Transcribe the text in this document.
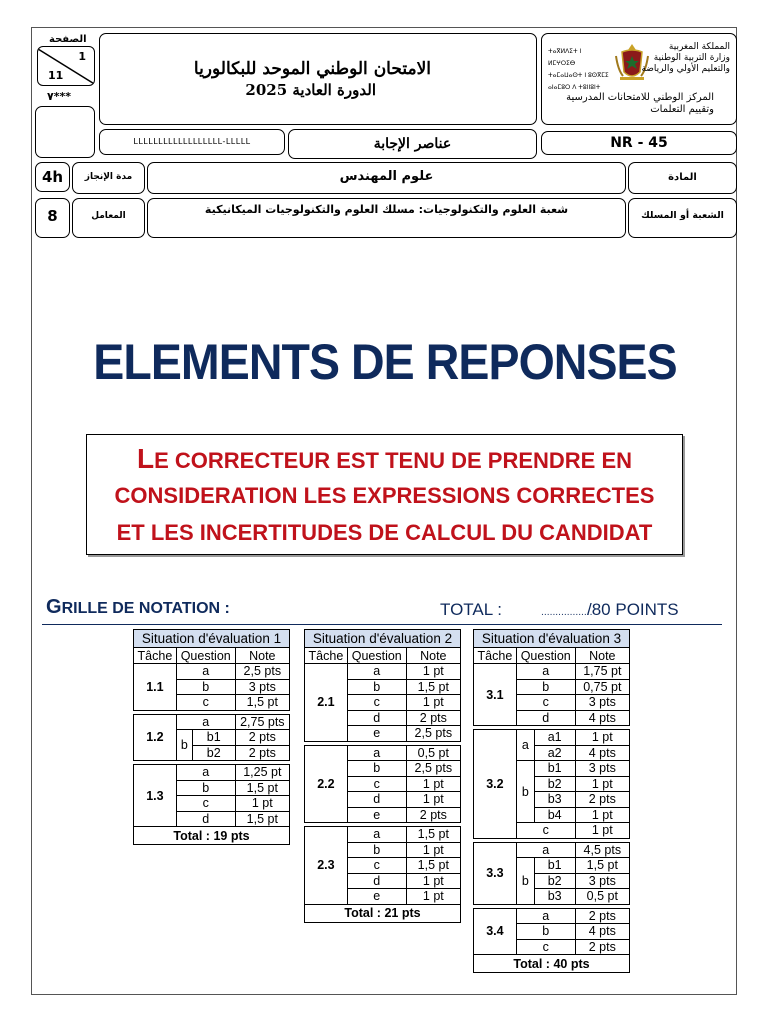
الصفحة
1
11
٧***
الامتحان الوطني الموحد للبكالوريا
الدورة العادية 2025
ⵜⴰⴳⵍⴷⵉⵜ ⵏ ⵍⵎⵖⵔⵉⴱ
ⵜⴰⵎⴰⵡⴰⵙⵜ ⵏ ⵓⵙⴳⵎⵉ
ⴰⵏⴰⵎⵓⵔ ⴷ ⵜⵓⵏⵏⵓⵏⵜ
المملكة المغربية
وزارة التربية الوطنية
والتعليم الأولي والرياضة
المركز الوطني للامتحانات المدرسية
وتقييم التعلمات
LLLLLLLLLLLLLLLLLL-LLLLL	عناصر الإجابة	NR - 45
4h	مدة الإنجاز	علوم المهندس	المادة
8	المعامل	شعبة العلوم والتكنولوجيات: مسلك العلوم والتكنولوجيات الميكانيكية	الشعبة أو المسلك
ELEMENTS DE REPONSES
LE CORRECTEUR EST TENU DE PRENDRE EN
CONSIDERATION LES EXPRESSIONS CORRECTES
ET LES INCERTITUDES DE CALCUL DU CANDIDAT
GRILLE DE NOTATION :	TOTAL :	..................
/80 POINTS
Situation d'évaluation 1			
Tâche	Question		Note
1.1	a		2,5 pts
	b		3 pts
	c		1,5 pt

1.2	a		2,75 pts
	b	b1	2 pts
		b2	2 pts

1.3	a		1,25 pt
	b		1,5 pt
	c		1 pt
	d		1,5 pt
Total : 19 pts			
Situation d'évaluation 2		
Tâche	Question	Note
2.1	a	1 pt
	b	1,5 pt
	c	1 pt
	d	2 pts
	e	2,5 pts

2.2	a	0,5 pt
	b	2,5 pts
	c	1 pt
	d	1 pt
	e	2 pts

2.3	a	1,5 pt
	b	1 pt
	c	1,5 pt
	d	1 pt
	e	1 pt
Total : 21 pts		
Situation d'évaluation 3			
Tâche	Question		Note
3.1	a		1,75 pt
	b		0,75 pt
	c		3 pts
	d		4 pts

3.2	a	a1	1 pt
		a2	4 pts
	b	b1	3 pts
		b2	1 pt
		b3	2 pts
		b4	1 pt
	c		1 pt

3.3	a		4,5 pts
	b	b1	1,5 pt
		b2	3 pts
		b3	0,5 pt

3.4	a		2 pts
	b		4 pts
	c		2 pts
Total : 40 pts			
